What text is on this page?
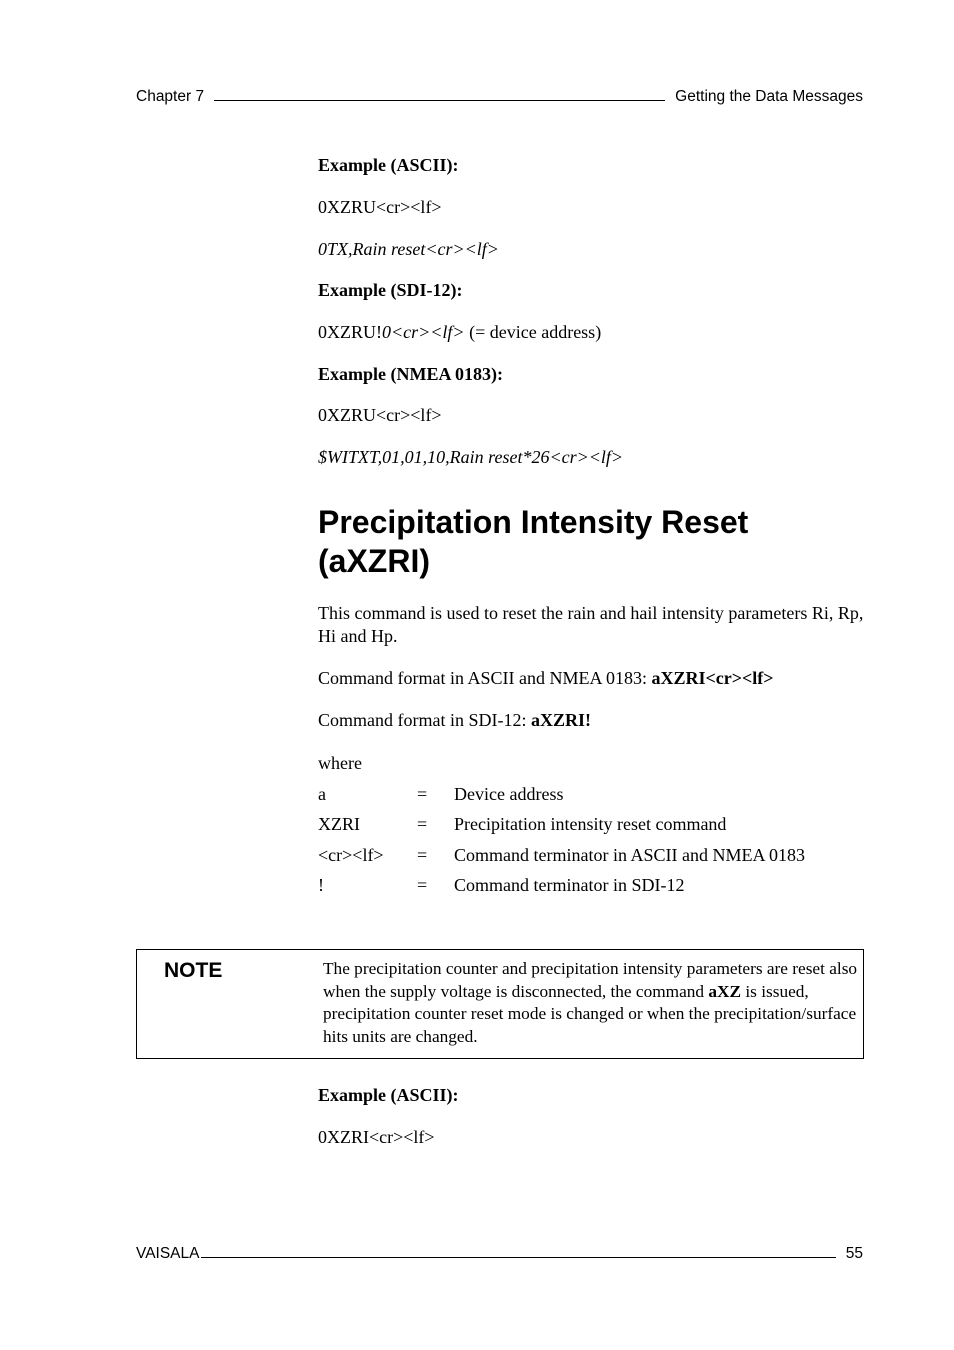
Chapter 7	Getting the Data Messages
Example (ASCII):
0XZRU<cr><lf>
0TX,Rain reset<cr><lf>
Example (SDI-12):
0XZRU!0<cr><lf> (= device address)
Example (NMEA 0183):
0XZRU<cr><lf>
$WITXT,01,01,10,Rain reset*26<cr><lf>
Precipitation Intensity Reset (aXZRI)

This command is used to reset the rain and hail intensity parameters Ri, Rp, Hi and Hp.

Command format in ASCII and NMEA 0183: aXZRI<cr><lf>
Command format in SDI-12: aXZRI!
where
a	= Device address
XZRI	= Precipitation intensity reset command
<cr><lf> = Command terminator in ASCII and NMEA 0183
!	= Command terminator in SDI-12
NOTE	The precipitation counter and precipitation intensity parameters are reset also when the supply voltage is disconnected, the command aXZ is issued, precipitation counter reset mode is changed or when the precipitation/surface hits units are changed.

Example (ASCII):
0XZRI<cr><lf>
VAISALA	55
